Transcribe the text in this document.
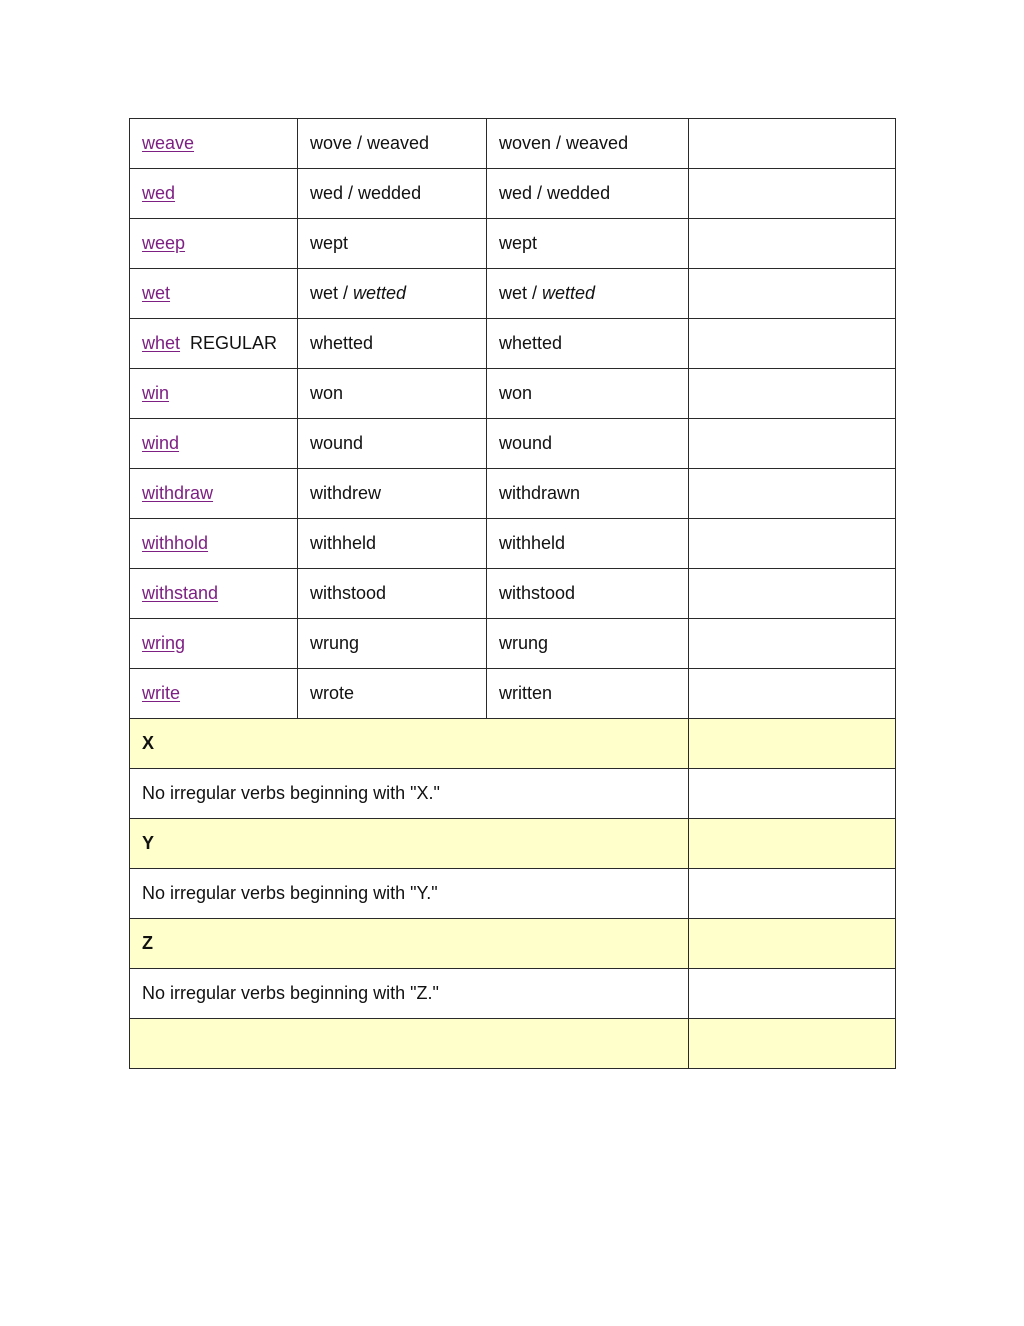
weave	wove / weaved	woven / weaved	
wed	wed / wedded	wed / wedded	
weep	wept	wept	
wet	wet / wetted	wet / wetted	
whet REGULAR	whetted	whetted	
win	won	won	
wind	wound	wound	
withdraw	withdrew	withdrawn	
withhold	withheld	withheld	
withstand	withstood	withstood	
wring	wrung	wrung	
write	wrote	written	
X			
No irregular verbs beginning with "X."			
Y			
No irregular verbs beginning with "Y."			
Z			
No irregular verbs beginning with "Z."			
